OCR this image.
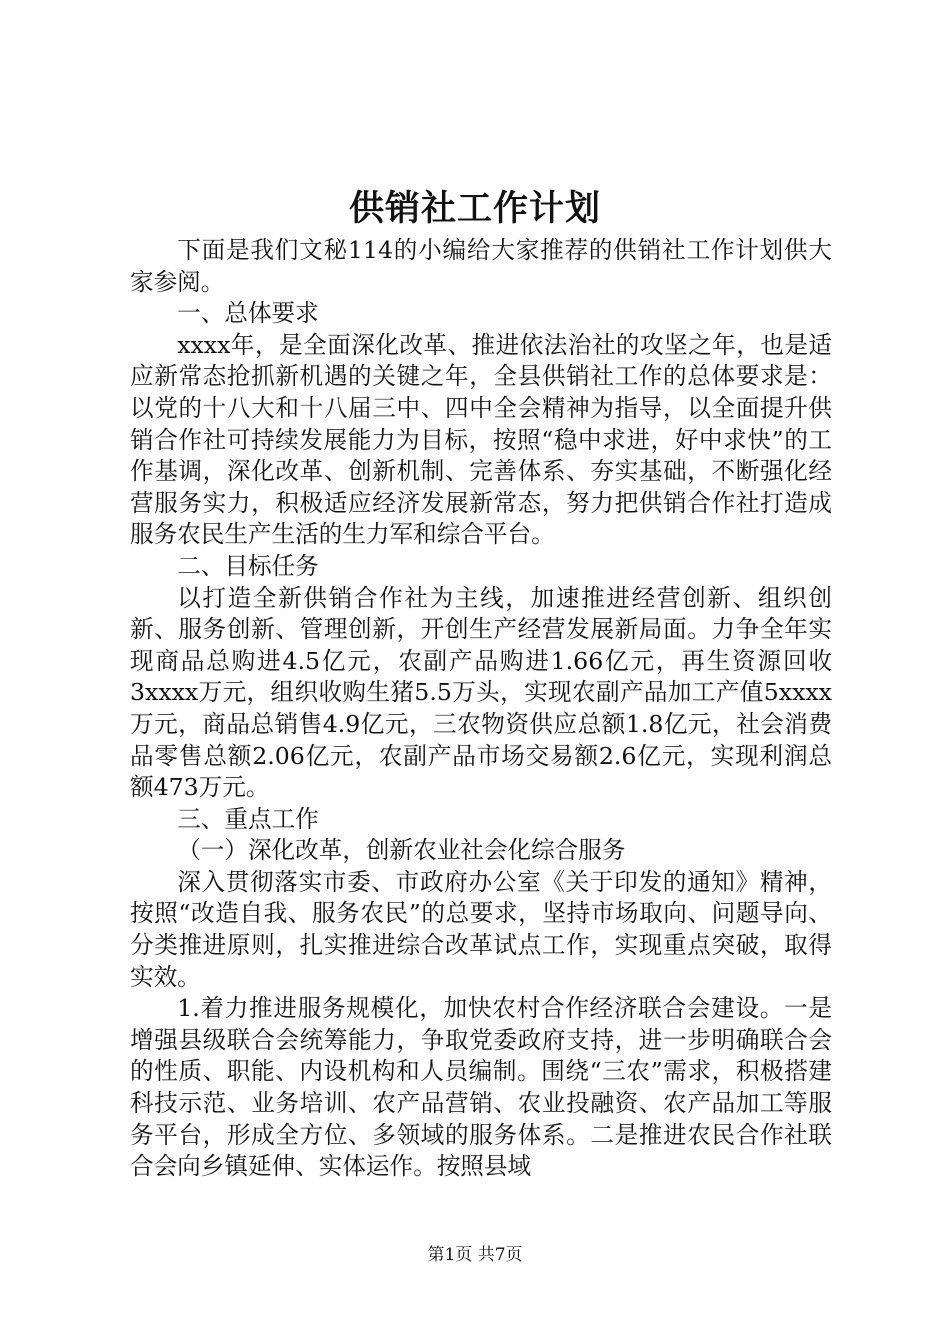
供销社工作计划

下面是我们文秘114的小编给大家推荐的供销社工作计划供大家参阅。

一、总体要求

xxxx年，是全面深化改革、推进依法治社的攻坚之年，也是适应新常态抢抓新机遇的关键之年，全县供销社工作的总体要求是：以党的十八大和十八届三中、四中全会精神为指导，以全面提升供销合作社可持续发展能力为目标，按照“稳中求进，好中求快”的工作基调，深化改革、创新机制、完善体系、夯实基础，不断强化经营服务实力，积极适应经济发展新常态，努力把供销合作社打造成服务农民生产生活的生力军和综合平台。

二、目标任务

以打造全新供销合作社为主线，加速推进经营创新、组织创新、服务创新、管理创新，开创生产经营发展新局面。力争全年实现商品总购进4.5亿元，农副产品购进1.66亿元，再生资源回收3xxxx万元，组织收购生猪5.5万头，实现农副产品加工产值5xxxx万元，商品总销售4.9亿元，三农物资供应总额1.8亿元，社会消费品零售总额2.06亿元，农副产品市场交易额2.6亿元，实现利润总额473万元。

三、重点工作

（一）深化改革，创新农业社会化综合服务

深入贯彻落实市委、市政府办公室《关于印发的通知》精神，按照“改造自我、服务农民”的总要求，坚持市场取向、问题导向、分类推进原则，扎实推进综合改革试点工作，实现重点突破，取得实效。

1.着力推进服务规模化，加快农村合作经济联合会建设。一是增强县级联合会统筹能力，争取党委政府支持，进一步明确联合会的性质、职能、内设机构和人员编制。围绕“三农”需求，积极搭建科技示范、业务培训、农产品营销、农业投融资、农产品加工等服务平台，形成全方位、多领域的服务体系。二是推进农民合作社联合会向乡镇延伸、实体运作。按照县域

第1页 共7页
